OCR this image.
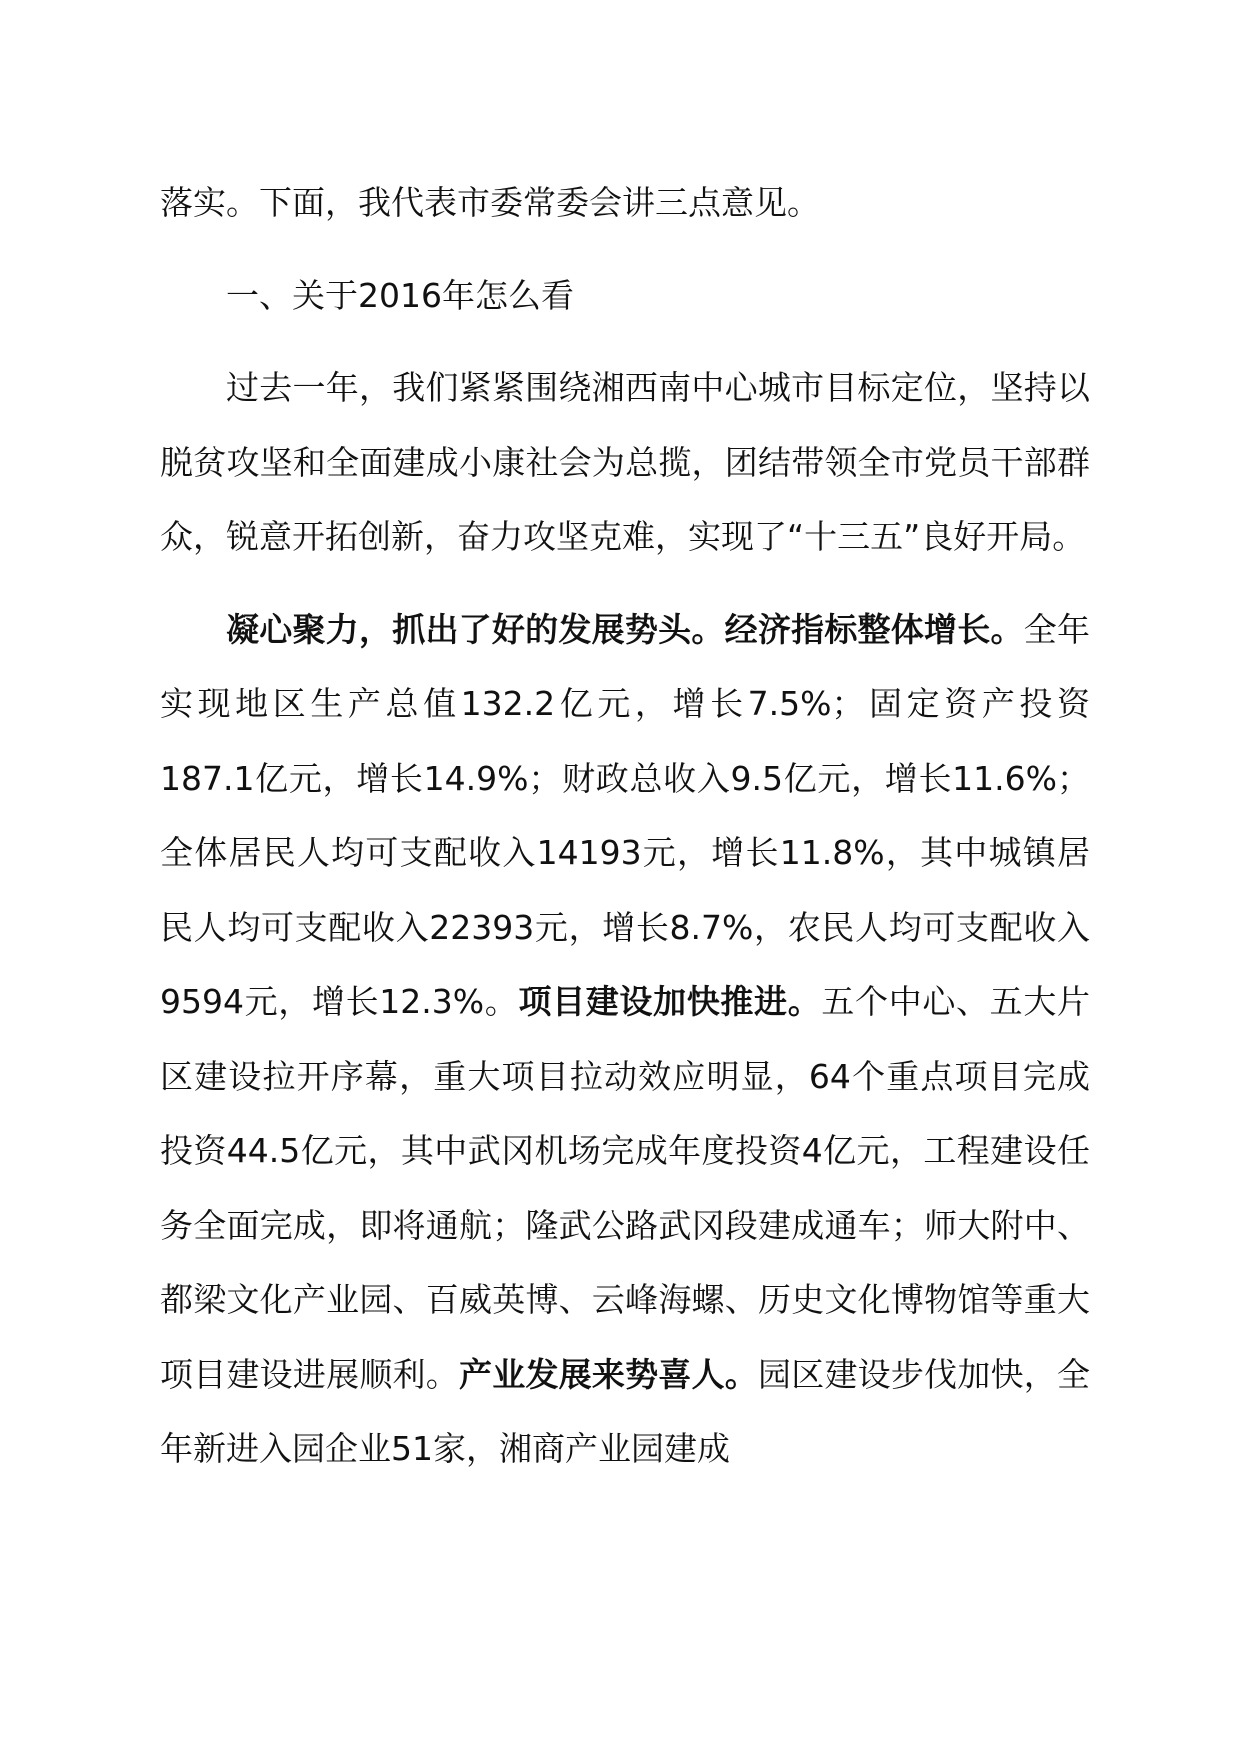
落实。下面，我代表市委常委会讲三点意见。

一、关于2016年怎么看

过去一年，我们紧紧围绕湘西南中心城市目标定位，坚持以脱贫攻坚和全面建成小康社会为总揽，团结带领全市党员干部群众，锐意开拓创新，奋力攻坚克难，实现了“十三五”良好开局。

凝心聚力，抓出了好的发展势头。经济指标整体增长。全年实现地区生产总值132.2亿元，增长7.5%；固定资产投资187.1亿元，增长14.9%；财政总收入9.5亿元，增长11.6%；全体居民人均可支配收入14193元，增长11.8%，其中城镇居民人均可支配收入22393元，增长8.7%，农民人均可支配收入9594元，增长12.3%。项目建设加快推进。五个中心、五大片区建设拉开序幕，重大项目拉动效应明显，64个重点项目完成投资44.5亿元，其中武冈机场完成年度投资4亿元，工程建设任务全面完成，即将通航；隆武公路武冈段建成通车；师大附中、都梁文化产业园、百威英博、云峰海螺、历史文化博物馆等重大项目建设进展顺利。产业发展来势喜人。园区建设步伐加快，全年新进入园企业51家，湘商产业园建成
